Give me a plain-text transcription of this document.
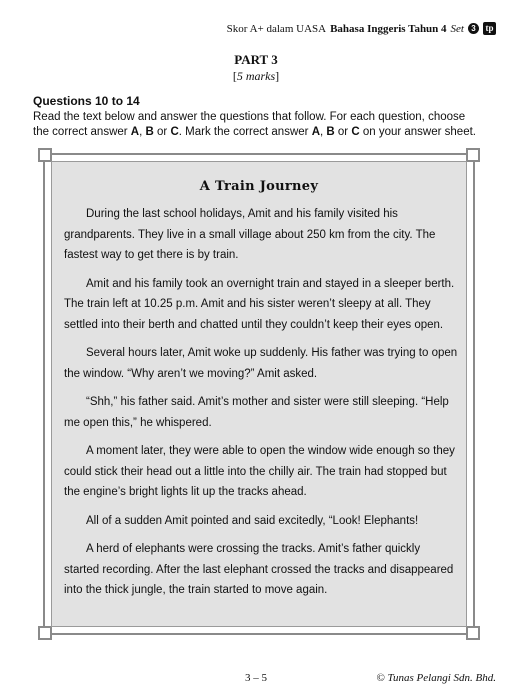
Skor A+ dalam UASA Bahasa Inggeris Tahun 4 Set 3	tp
PART 3
[5 marks]
Questions 10 to 14
Read the text below and answer the questions that follow. For each question, choose the correct answer A, B or C. Mark the correct answer A, B or C on your answer sheet.
A Train Journey

During the last school holidays, Amit and his family visited his grandparents. They live in a small village about 250 km from the city. The fastest way to get there is by train.

Amit and his family took an overnight train and stayed in a sleeper berth. The train left at 10.25 p.m. Amit and his sister weren’t sleepy at all. They settled into their berth and chatted until they couldn’t keep their eyes open.

Several hours later, Amit woke up suddenly. His father was trying to open the window. “Why aren’t we moving?” Amit asked.

“Shh,” his father said. Amit’s mother and sister were still sleeping. “Help me open this,” he whispered.

A moment later, they were able to open the window wide enough so they could stick their head out a little into the chilly air. The train had stopped but the engine’s bright lights lit up the tracks ahead.

All of a sudden Amit pointed and said excitedly, “Look! Elephants!

A herd of elephants were crossing the tracks. Amit’s father quickly started recording. After the last elephant crossed the tracks and disappeared into the thick jungle, the train started to move again.

3 – 5	© Tunas Pelangi Sdn. Bhd.
